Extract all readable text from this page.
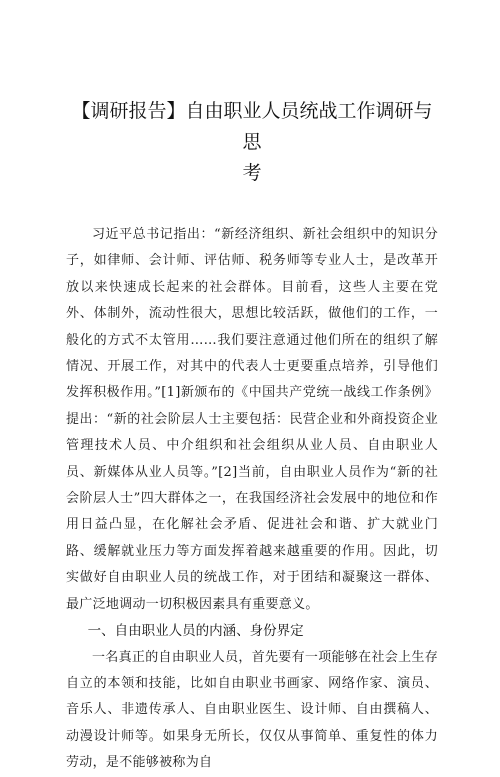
【调研报告】自由职业人员统战工作调研与思
考

习近平总书记指出：“新经济组织、新社会组织中的知识分子，如律师、会计师、评估师、税务师等专业人士，是改革开放以来快速成长起来的社会群体。目前看，这些人主要在党外、体制外，流动性很大，思想比较活跃，做他们的工作，一般化的方式不太管用……我们要注意通过他们所在的组织了解情况、开展工作，对其中的代表人士更要重点培养，引导他们发挥积极作用。”[1]新颁布的《中国共产党统一战线工作条例》提出：“新的社会阶层人士主要包括：民营企业和外商投资企业管理技术人员、中介组织和社会组织从业人员、自由职业人员、新媒体从业人员等。”[2]当前，自由职业人员作为“新的社会阶层人士”四大群体之一，在我国经济社会发展中的地位和作用日益凸显，在化解社会矛盾、促进社会和谐、扩大就业门路、缓解就业压力等方面发挥着越来越重要的作用。因此，切实做好自由职业人员的统战工作，对于团结和凝聚这一群体、最广泛地调动一切积极因素具有重要意义。

一、自由职业人员的内涵、身份界定

一名真正的自由职业人员，首先要有一项能够在社会上生存自立的本领和技能，比如自由职业书画家、网络作家、演员、音乐人、非遗传承人、自由职业医生、设计师、自由撰稿人、动漫设计师等。如果身无所长，仅仅从事简单、重复性的体力劳动，是不能够被称为自
